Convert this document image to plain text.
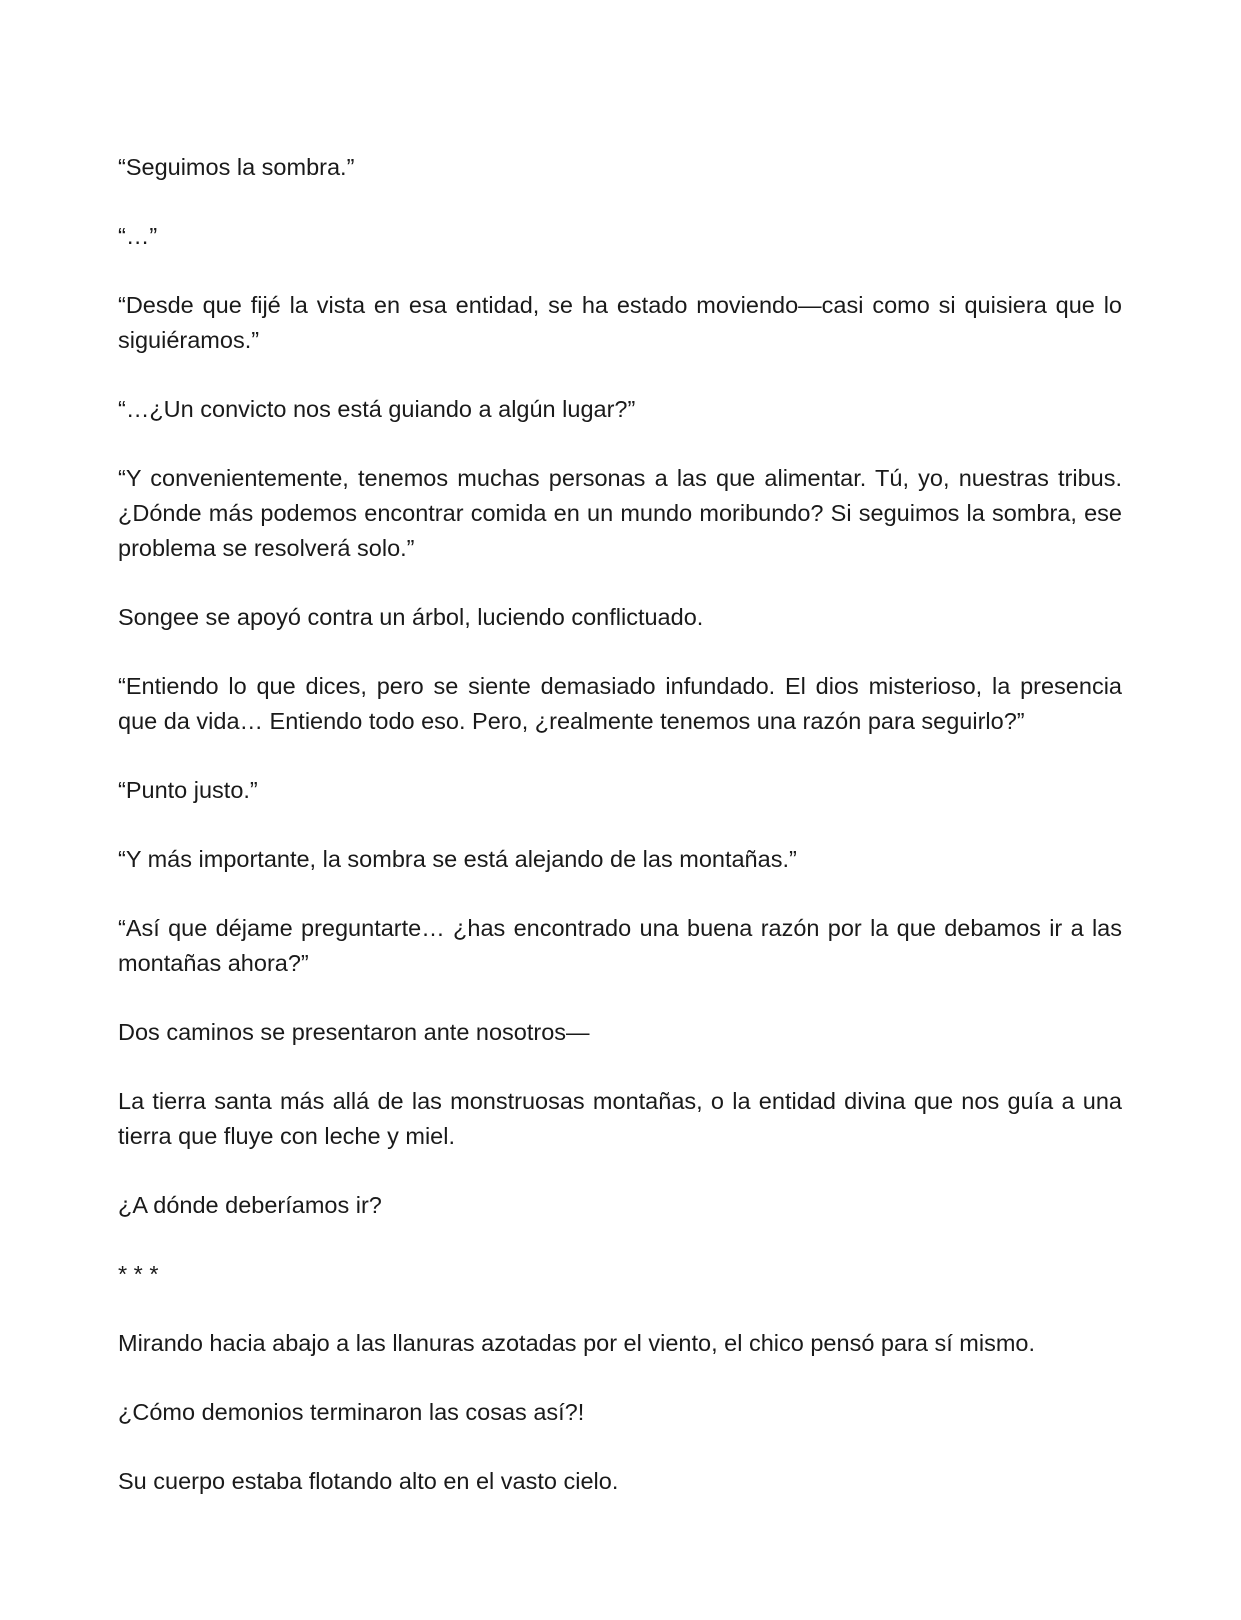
“Seguimos la sombra.”

“…”

“Desde que fijé la vista en esa entidad, se ha estado moviendo—casi como si quisiera que lo siguiéramos.”

“…¿Un convicto nos está guiando a algún lugar?”

“Y convenientemente, tenemos muchas personas a las que alimentar. Tú, yo, nuestras tribus. ¿Dónde más podemos encontrar comida en un mundo moribundo? Si seguimos la sombra, ese problema se resolverá solo.”

Songee se apoyó contra un árbol, luciendo conflictuado.

“Entiendo lo que dices, pero se siente demasiado infundado. El dios misterioso, la presencia que da vida… Entiendo todo eso. Pero, ¿realmente tenemos una razón para seguirlo?”

“Punto justo.”

“Y más importante, la sombra se está alejando de las montañas.”

“Así que déjame preguntarte… ¿has encontrado una buena razón por la que debamos ir a las montañas ahora?”

Dos caminos se presentaron ante nosotros—

La tierra santa más allá de las monstruosas montañas, o la entidad divina que nos guía a una tierra que fluye con leche y miel.

¿A dónde deberíamos ir?

* * *

Mirando hacia abajo a las llanuras azotadas por el viento, el chico pensó para sí mismo.

¿Cómo demonios terminaron las cosas así?!

Su cuerpo estaba flotando alto en el vasto cielo.
